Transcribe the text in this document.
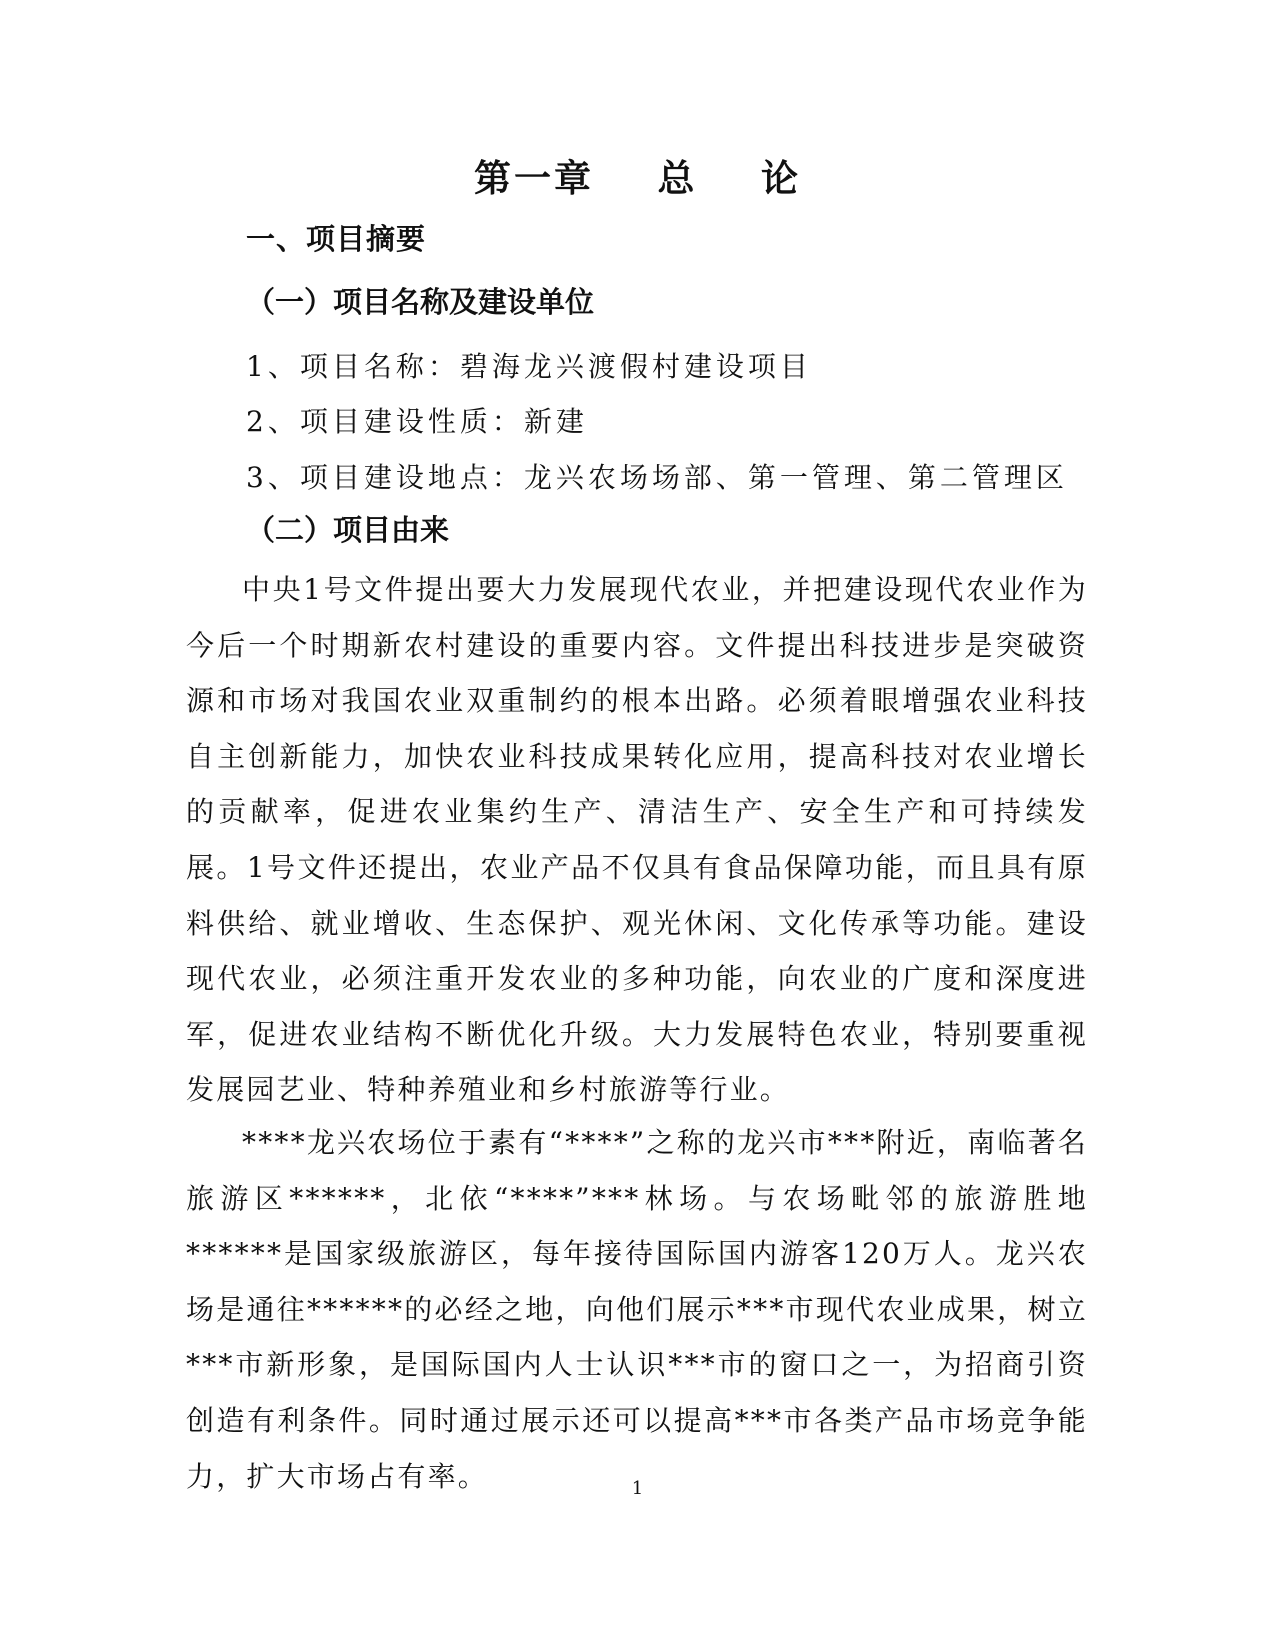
第一章    总    论
一、项目摘要
（一）项目名称及建设单位
1、项目名称：碧海龙兴渡假村建设项目
2、项目建设性质：新建
3、项目建设地点：龙兴农场场部、第一管理、第二管理区
（二）项目由来

中央1号文件提出要大力发展现代农业，并把建设现代农业作为今后一个时期新农村建设的重要内容。文件提出科技进步是突破资源和市场对我国农业双重制约的根本出路。必须着眼增强农业科技自主创新能力，加快农业科技成果转化应用，提高科技对农业增长的贡献率，促进农业集约生产、清洁生产、安全生产和可持续发展。1号文件还提出，农业产品不仅具有食品保障功能，而且具有原料供给、就业增收、生态保护、观光休闲、文化传承等功能。建设现代农业，必须注重开发农业的多种功能，向农业的广度和深度进军，促进农业结构不断优化升级。大力发展特色农业，特别要重视发展园艺业、特种养殖业和乡村旅游等行业。

****龙兴农场位于素有“****”之称的龙兴市***附近，南临著名旅游区******，北依“****”***林场。与农场毗邻的旅游胜地******是国家级旅游区，每年接待国际国内游客120万人。龙兴农场是通往******的必经之地，向他们展示***市现代农业成果，树立***市新形象，是国际国内人士认识***市的窗口之一，为招商引资创造有利条件。同时通过展示还可以提高***市各类产品市场竞争能力，扩大市场占有率。	1
